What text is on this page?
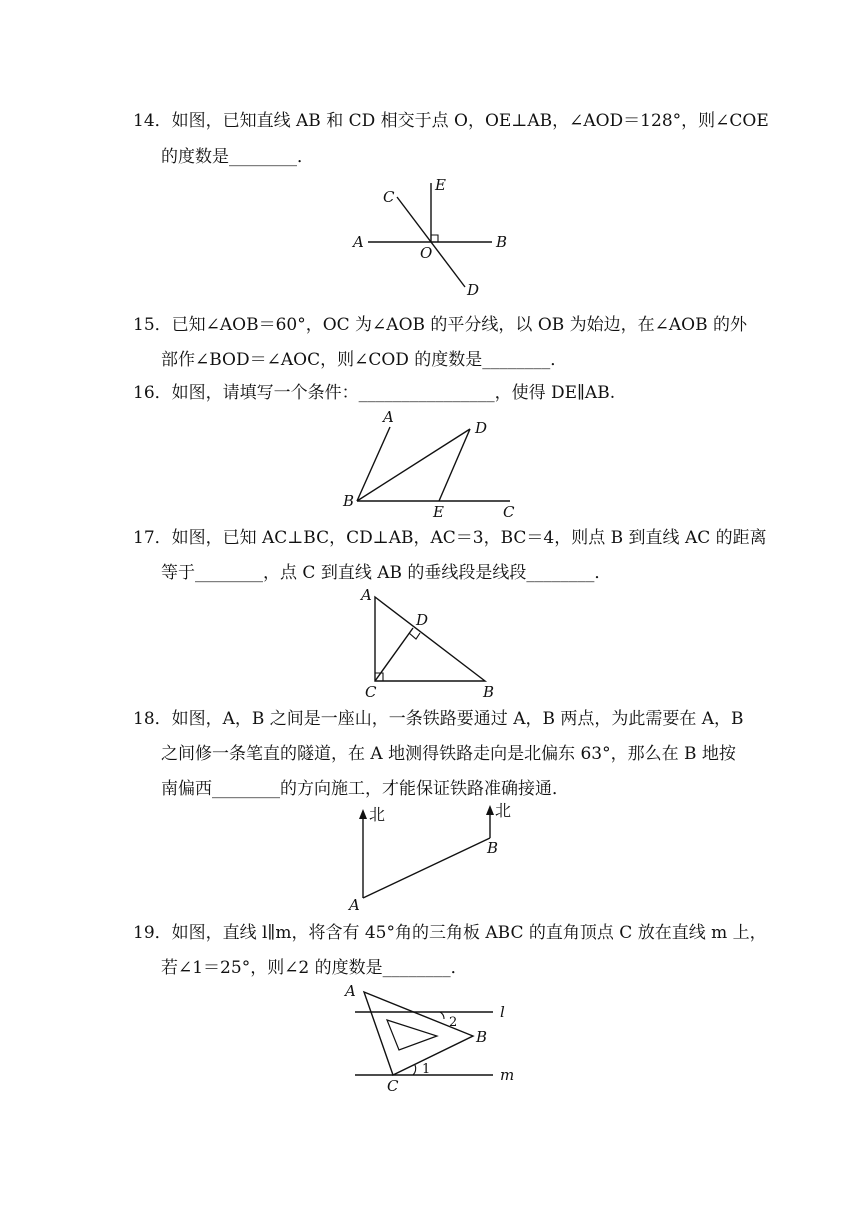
14．如图，已知直线 AB 和 CD 相交于点 O，OE⊥AB，∠AOD＝128°，则∠COE
的度数是________．
A	B
C
D
E
O
15．已知∠AOB＝60°，OC 为∠AOB 的平分线，以 OB 为始边，在∠AOB 的外
部作∠BOD＝∠AOC，则∠COD 的度数是________．
16．如图，请填写一个条件：________________，使得 DE∥AB.
A
B
C
D
E
17．如图，已知 AC⊥BC，CD⊥AB，AC＝3，BC＝4，则点 B 到直线 AC 的距离
等于________，点 C 到直线 AB 的垂线段是线段________．
A
B
C
D
18．如图，A，B 之间是一座山，一条铁路要通过 A，B 两点，为此需要在 A，B
之间修一条笔直的隧道，在 A 地测得铁路走向是北偏东 63°，那么在 B 地按
南偏西________的方向施工，才能保证铁路准确接通．
北	北
A
B
19．如图，直线 l∥m，将含有 45°角的三角板 ABC 的直角顶点 C 放在直线 m 上，
若∠1＝25°，则∠2 的度数是________．
A
B
C
l
m
1
2
